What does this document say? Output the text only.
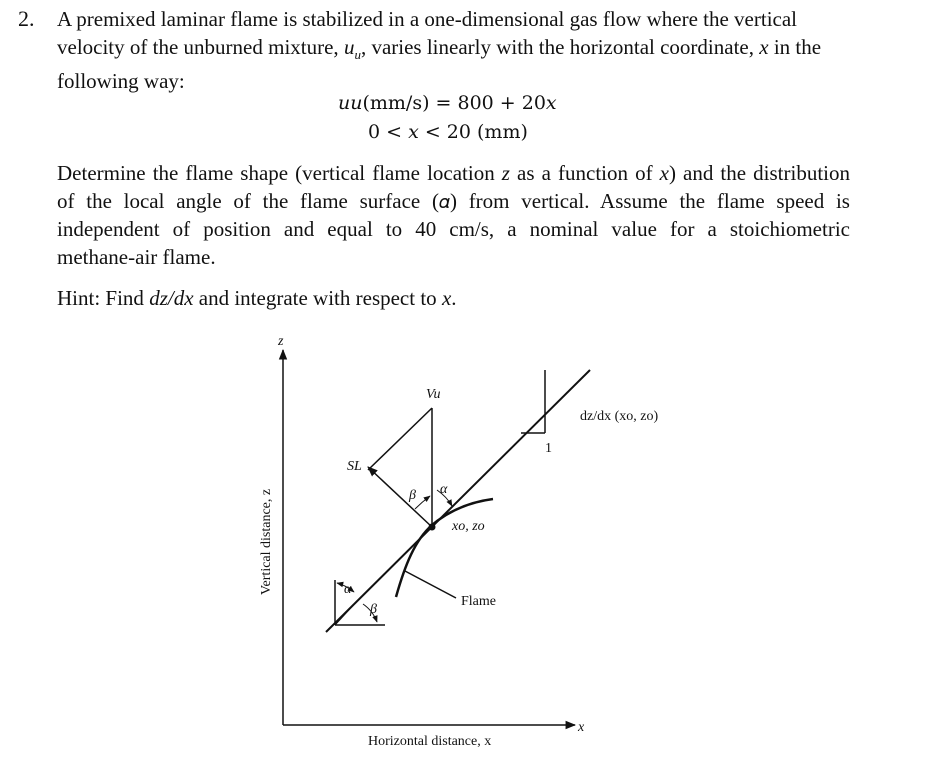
2. A premixed laminar flame is stabilized in a one-dimensional gas flow where the vertical
velocity of the unburned mixture, $u_u$, varies linearly with the horizontal coordinate, x in the
following way:
𝑢𝑢(mm/s) = 800 + 20𝑥
0 < 𝑥 < 20 (mm)
Determine the flame shape (vertical flame location z as a function of x) and the distribution
of the local angle of the flame surface (𝛼) from vertical. Assume the flame speed is
independent of position and equal to 40 cm/s, a nominal value for a stoichiometric
methane-air flame.
Hint: Find dz/dx and integrate with respect to x.
z
x
Vertical distance, z
Horizontal distance, x
1
dz/dx (xo, zo)
Flame
xo, zo
Vu
SL
β α
α
β
